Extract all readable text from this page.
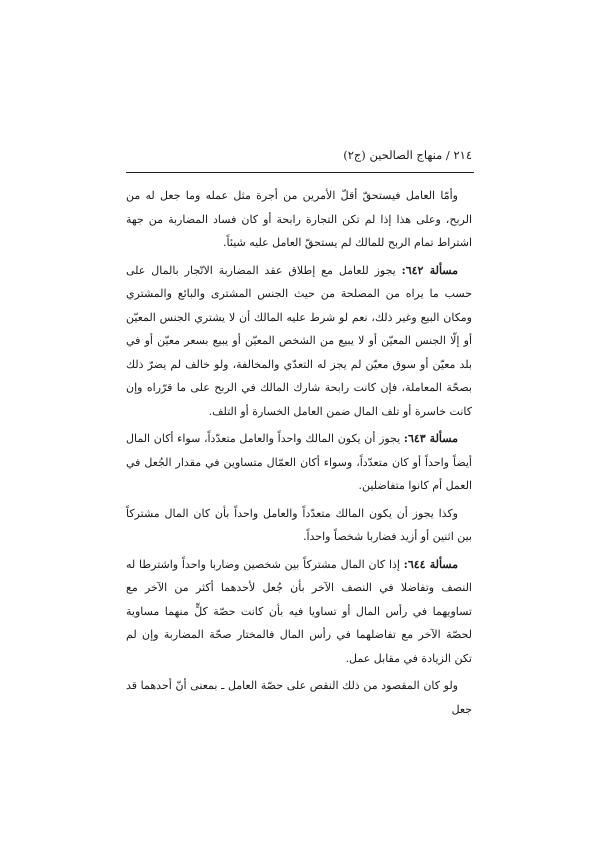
٢١٤ / منهاج الصالحين (ج٢)

وأمّا العامل فيستحقّ أقلّ الأمرين من أجرة مثل عمله وما جعل له من الربح، وعلى هذا إذا لم تكن التجارة رابحة أو كان فساد المضاربة من جهة اشتراط تمام الربح للمالك لم يستحقّ العامل عليه شيئاً.

مسألة ٦٤٢: يجوز للعامل مع إطلاق عقد المضاربة الاتّجار بالمال على حسب ما يراه من المصلحة من حيث الجنس المشترى والبائع والمشتري ومكان البيع وغير ذلك، نعم لو شرط عليه المالك أن لا يشتري الجنس المعيّن أو إلّا الجنس المعيّن أو لا يبيع من الشخص المعيّن أو يبيع بسعر معيّن أو في بلد معيّن أو سوق معيّن لم يجز له التعدّي والمخالفة، ولو خالف لم يضرّ ذلك بصحّة المعاملة، فإن كانت رابحة شارك المالك في الربح على ما قرّراه وإن كانت خاسرة أو تلف المال ضمن العامل الخسارة أو التلف.

مسألة ٦٤٣: يجوز أن يكون المالك واحداً والعامل متعدّداً، سواء أكان المال أيضاً واحداً أو كان متعدّداً، وسواء أكان العمّال متساوين في مقدار الجُعل في العمل أم كانوا متفاضلين.

وكذا يجوز أن يكون المالك متعدّداً والعامل واحداً بأن كان المال مشتركاً بين اثنين أو أزيد فضاربا شخصاً واحداً.

مسألة ٦٤٤: إذا كان المال مشتركاً بين شخصين وضاربا واحداً واشترطا له النصف وتفاضلا في النصف الآخر بأن جُعل لأحدهما أكثر من الآخر مع تساويهما في رأس المال أو تساويا فيه بأن كانت حصّة كلٍّ منهما مساوية لحصّة الآخر مع تفاضلهما في رأس المال فالمختار صحّة المضاربة وإن لم تكن الزيادة في مقابل عمل.

ولو كان المقصود من ذلك النقص على حصّة العامل ـ بمعنى أنّ أحدهما قد جعل
